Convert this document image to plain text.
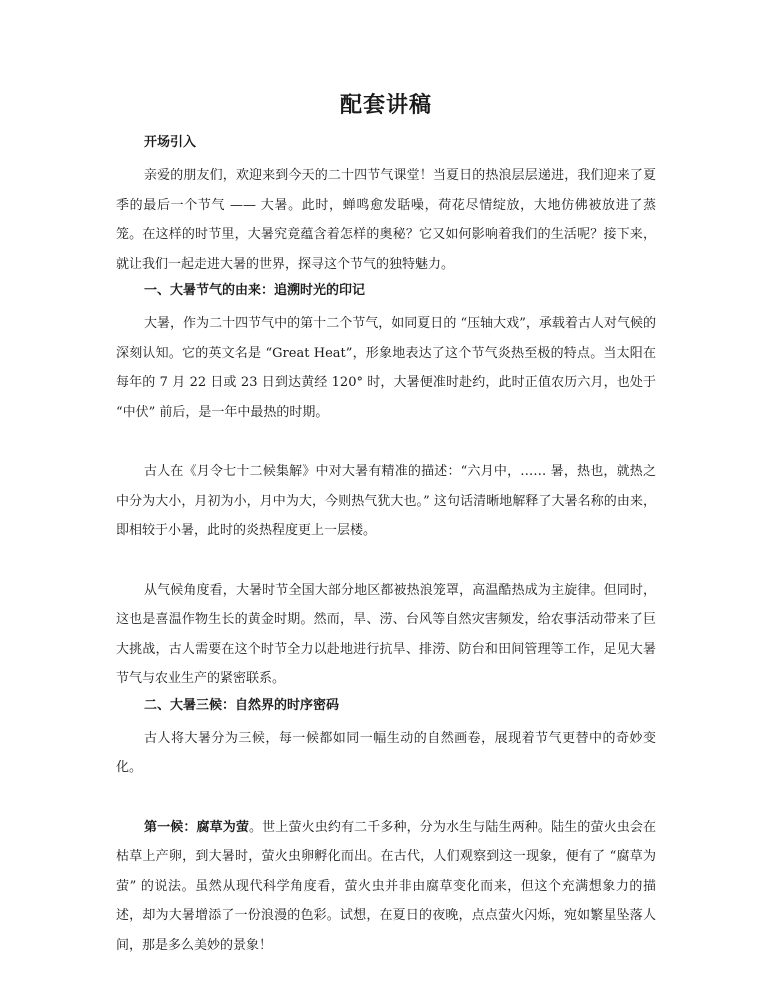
配套讲稿
开场引入

亲爱的朋友们，欢迎来到今天的二十四节气课堂！当夏日的热浪层层递进，我们迎来了夏季的最后一个节气 —— 大暑。此时，蝉鸣愈发聒噪，荷花尽情绽放，大地仿佛被放进了蒸笼。在这样的时节里，大暑究竟蕴含着怎样的奥秘？它又如何影响着我们的生活呢？接下来，就让我们一起走进大暑的世界，探寻这个节气的独特魅力。

一、大暑节气的由来：追溯时光的印记

大暑，作为二十四节气中的第十二个节气，如同夏日的 “压轴大戏”，承载着古人对气候的深刻认知。它的英文名是 “Great Heat”，形象地表达了这个节气炎热至极的特点。当太阳在每年的 7 月 22 日或 23 日到达黄经 120° 时，大暑便准时赴约，此时正值农历六月，也处于 “中伏” 前后，是一年中最热的时期。

古人在《月令七十二候集解》中对大暑有精准的描述：“六月中，…… 暑，热也，就热之中分为大小，月初为小，月中为大，今则热气犹大也。” 这句话清晰地解释了大暑名称的由来，即相较于小暑，此时的炎热程度更上一层楼。

从气候角度看，大暑时节全国大部分地区都被热浪笼罩，高温酷热成为主旋律。但同时，这也是喜温作物生长的黄金时期。然而，旱、涝、台风等自然灾害频发，给农事活动带来了巨大挑战，古人需要在这个时节全力以赴地进行抗旱、排涝、防台和田间管理等工作，足见大暑节气与农业生产的紧密联系。

二、大暑三候：自然界的时序密码

古人将大暑分为三候，每一候都如同一幅生动的自然画卷，展现着节气更替中的奇妙变化。

第一候：腐草为萤。世上萤火虫约有二千多种，分为水生与陆生两种。陆生的萤火虫会在枯草上产卵，到大暑时，萤火虫卵孵化而出。在古代，人们观察到这一现象，便有了 “腐草为萤” 的说法。虽然从现代科学角度看，萤火虫并非由腐草变化而来，但这个充满想象力的描述，却为大暑增添了一份浪漫的色彩。试想，在夏日的夜晚，点点萤火闪烁，宛如繁星坠落人间，那是多么美妙的景象！
